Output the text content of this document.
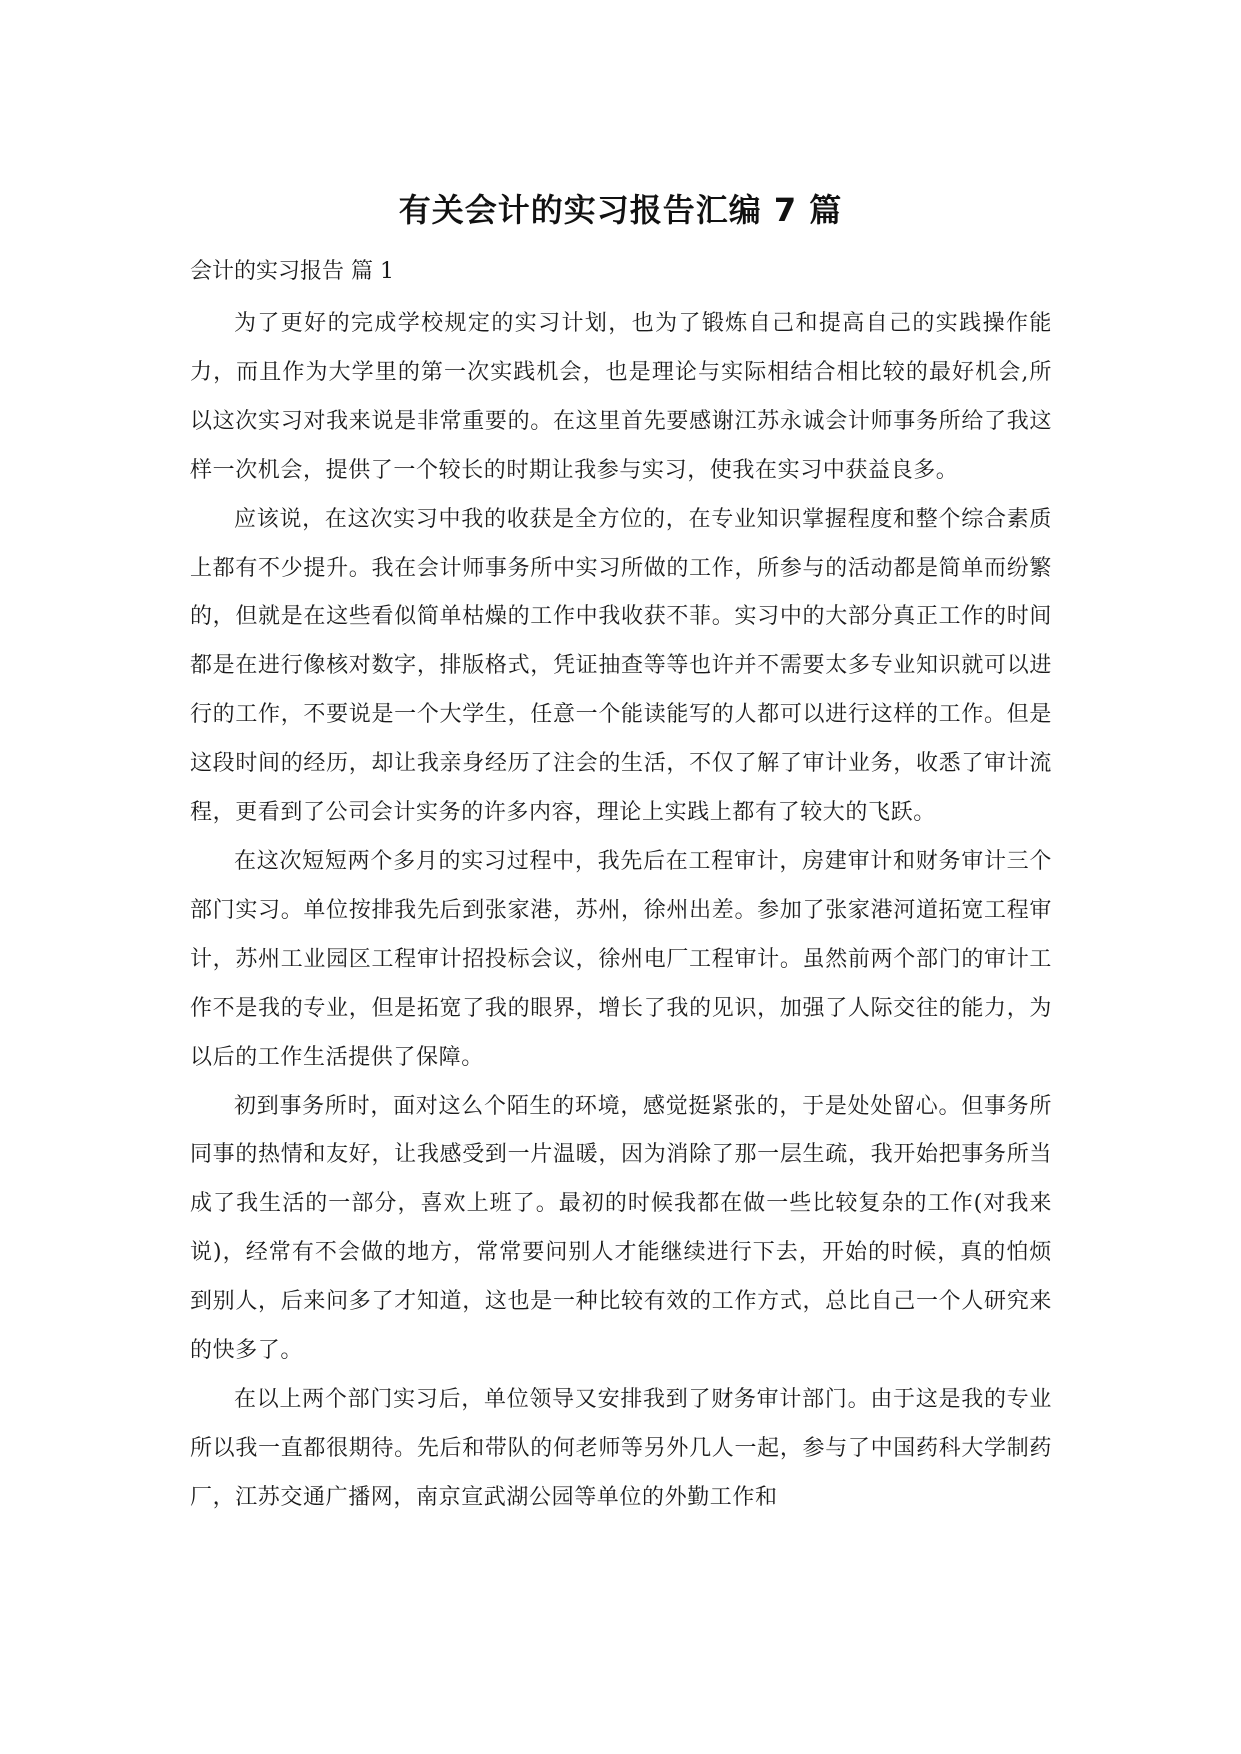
有关会计的实习报告汇编 7 篇
会计的实习报告 篇 1

为了更好的完成学校规定的实习计划，也为了锻炼自己和提高自己的实践操作能力，而且作为大学里的第一次实践机会，也是理论与实际相结合相比较的最好机会,所以这次实习对我来说是非常重要的。在这里首先要感谢江苏永诚会计师事务所给了我这样一次机会，提供了一个较长的时期让我参与实习，使我在实习中获益良多。

应该说，在这次实习中我的收获是全方位的，在专业知识掌握程度和整个综合素质上都有不少提升。我在会计师事务所中实习所做的工作，所参与的活动都是简单而纷繁的，但就是在这些看似简单枯燥的工作中我收获不菲。实习中的大部分真正工作的时间都是在进行像核对数字，排版格式，凭证抽查等等也许并不需要太多专业知识就可以进行的工作，不要说是一个大学生，任意一个能读能写的人都可以进行这样的工作。但是这段时间的经历，却让我亲身经历了注会的生活，不仅了解了审计业务，收悉了审计流程，更看到了公司会计实务的许多内容，理论上实践上都有了较大的飞跃。

在这次短短两个多月的实习过程中，我先后在工程审计，房建审计和财务审计三个部门实习。单位按排我先后到张家港，苏州，徐州出差。参加了张家港河道拓宽工程审计，苏州工业园区工程审计招投标会议，徐州电厂工程审计。虽然前两个部门的审计工作不是我的专业，但是拓宽了我的眼界，增长了我的见识，加强了人际交往的能力，为以后的工作生活提供了保障。

初到事务所时，面对这么个陌生的环境，感觉挺紧张的，于是处处留心。但事务所同事的热情和友好，让我感受到一片温暖，因为消除了那一层生疏，我开始把事务所当成了我生活的一部分，喜欢上班了。最初的时候我都在做一些比较复杂的工作(对我来说)，经常有不会做的地方，常常要问别人才能继续进行下去，开始的时候，真的怕烦到别人，后来问多了才知道，这也是一种比较有效的工作方式，总比自己一个人研究来的快多了。

在以上两个部门实习后，单位领导又安排我到了财务审计部门。由于这是我的专业所以我一直都很期待。先后和带队的何老师等另外几人一起，参与了中国药科大学制药厂，江苏交通广播网，南京宣武湖公园等单位的外勤工作和
